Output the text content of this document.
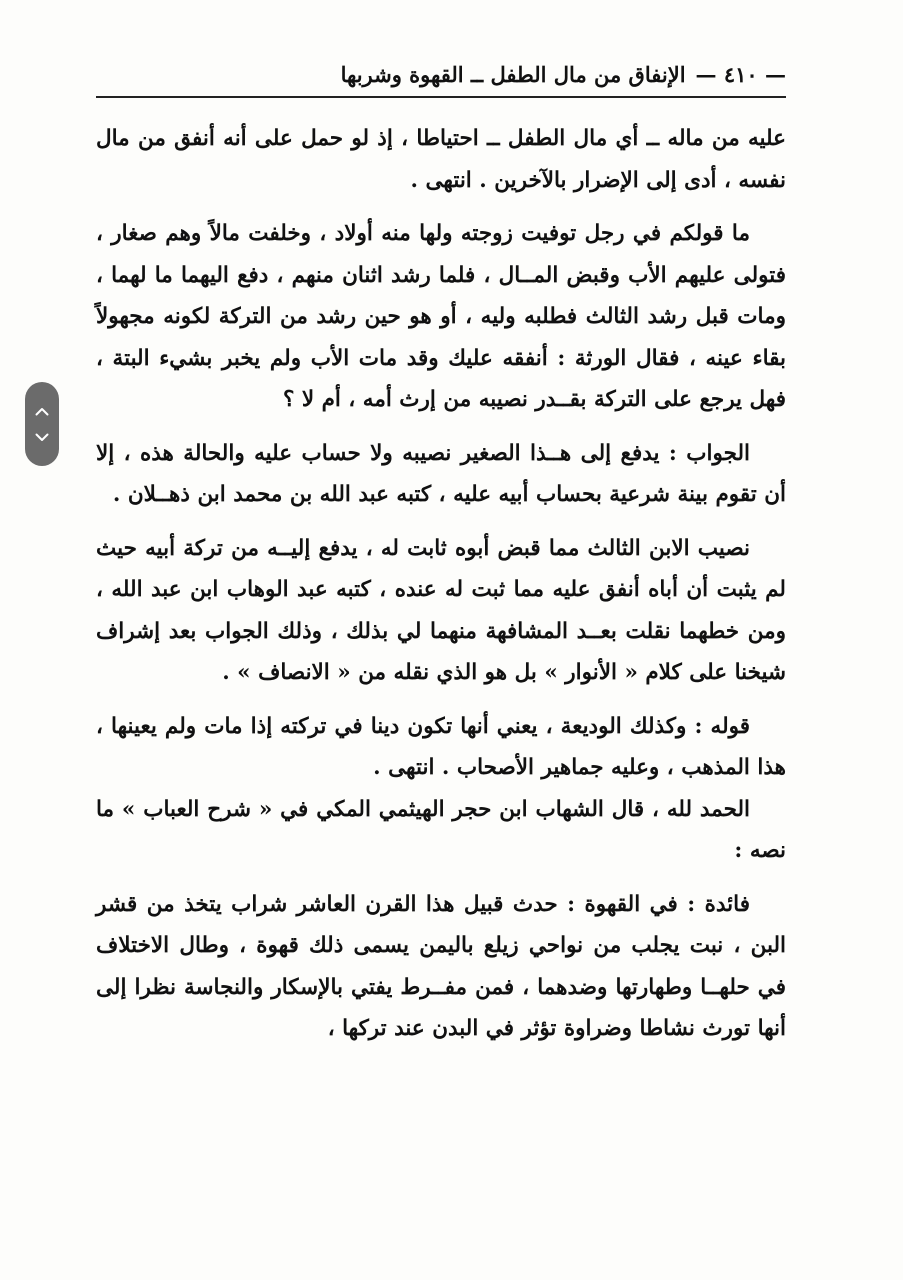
— ٤١٠ —
الإنفاق من مال الطفل ــ القهوة وشربها

عليه من ماله ــ أي مال الطفل ــ احتياطا ، إذ لو حمل على أنه أنفق من مال نفسه ، أدى إلى الإضرار بالآخرين . انتهى .

ما قولكم في رجل توفيت زوجته ولها منه أولاد ، وخلفت مالاً وهم صغار ، فتولى عليهم الأب وقبض المــال ، فلما رشد اثنان منهم ، دفع اليهما ما لهما ، ومات قبل رشد الثالث فطلبه وليه ، أو هو حين رشد من التركة لكونه مجهولاً بقاء عينه ، فقال الورثة : أنفقه عليك وقد مات الأب ولم يخبر بشيء البتة ، فهل يرجع على التركة بقــدر نصيبه من إرث أمه ، أم لا ؟

الجواب : يدفع إلى هــذا الصغير نصيبه ولا حساب عليه والحالة هذه ، إلا أن تقوم بينة شرعية بحساب أبيه عليه ، كتبه عبد الله بن محمد ابن ذهــلان .

نصيب الابن الثالث مما قبض أبوه ثابت له ، يدفع إليــه من تركة أبيه حيث لم يثبت أن أباه أنفق عليه مما ثبت له عنده ، كتبه عبد الوهاب ابن عبد الله ، ومن خطهما نقلت بعــد المشافهة منهما لي بذلك ، وذلك الجواب بعد إشراف شيخنا على كلام « الأنوار » بل هو الذي نقله من « الانصاف » .

قوله : وكذلك الوديعة ، يعني أنها تكون دينا في تركته إذا مات ولم يعينها ، هذا المذهب ، وعليه جماهير الأصحاب . انتهى .

الحمد لله ، قال الشهاب ابن حجر الهيثمي المكي في « شرح العباب » ما نصه :

فائدة : في القهوة : حدث قبيل هذا القرن العاشر شراب يتخذ من قشر البن ، نبت يجلب من نواحي زيلع باليمن يسمى ذلك قهوة ، وطال الاختلاف في حلهــا وطهارتها وضدهما ، فمن مفــرط يفتي بالإسكار والنجاسة نظرا إلى أنها تورث نشاطا وضراوة تؤثر في البدن عند تركها ،
